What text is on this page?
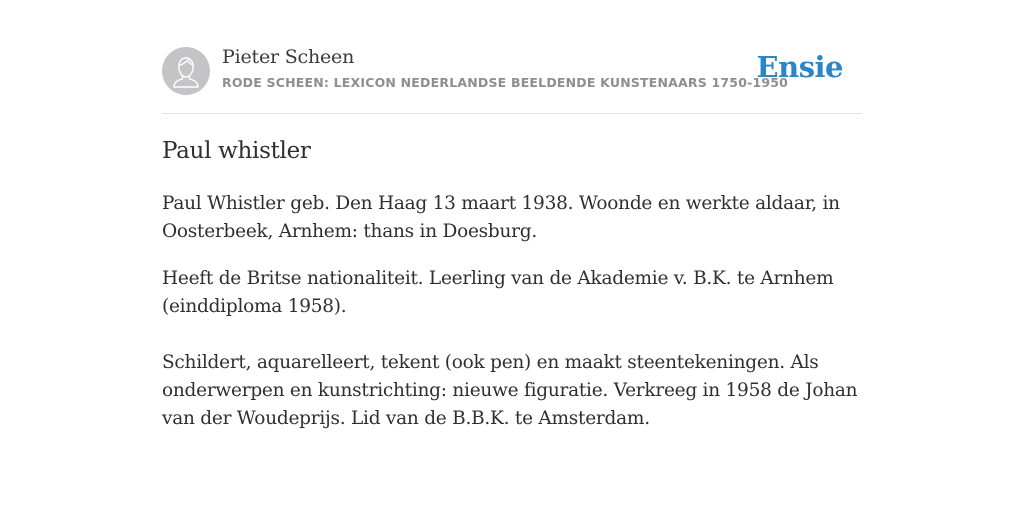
Pieter Scheen
RODE SCHEEN: LEXICON NEDERLANDSE BEELDENDE KUNSTENAARS 1750-1950
Ensie
Paul whistler

Paul Whistler geb. Den Haag 13 maart 1938. Woonde en werkte aldaar, in Oosterbeek, Arnhem: thans in Doesburg.

Heeft de Britse nationaliteit. Leerling van de Akademie v. B.K. te Arnhem (einddiploma 1958).

Schildert, aquarelleert, tekent (ook pen) en maakt steentekeningen. Als onderwerpen en kunstrichting: nieuwe figuratie. Verkreeg in 1958 de Johan van der Woudeprijs. Lid van de B.B.K. te Amsterdam.
